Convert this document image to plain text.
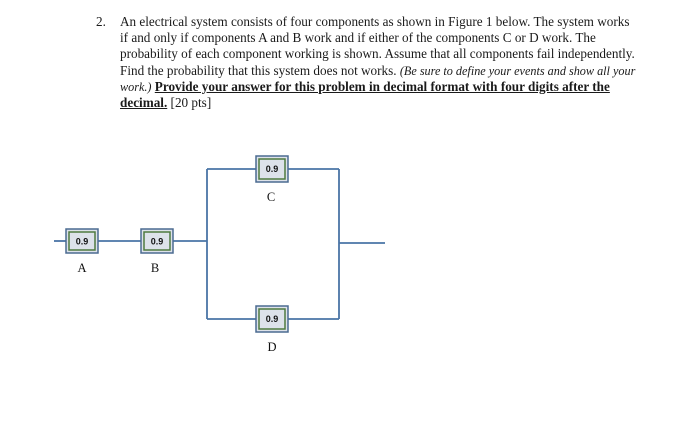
2. An electrical system consists of four components as shown in Figure 1 below. The system works if and only if components A and B work and if either of the components C or D work. The probability of each component working is shown. Assume that all components fail independently. Find the probability that this system does not works. (Be sure to define your events and show all your work.) Provide your answer for this problem in decimal format with four digits after the decimal. [20 pts]
0.9
A
0.9
B
0.9
C
0.9
D
